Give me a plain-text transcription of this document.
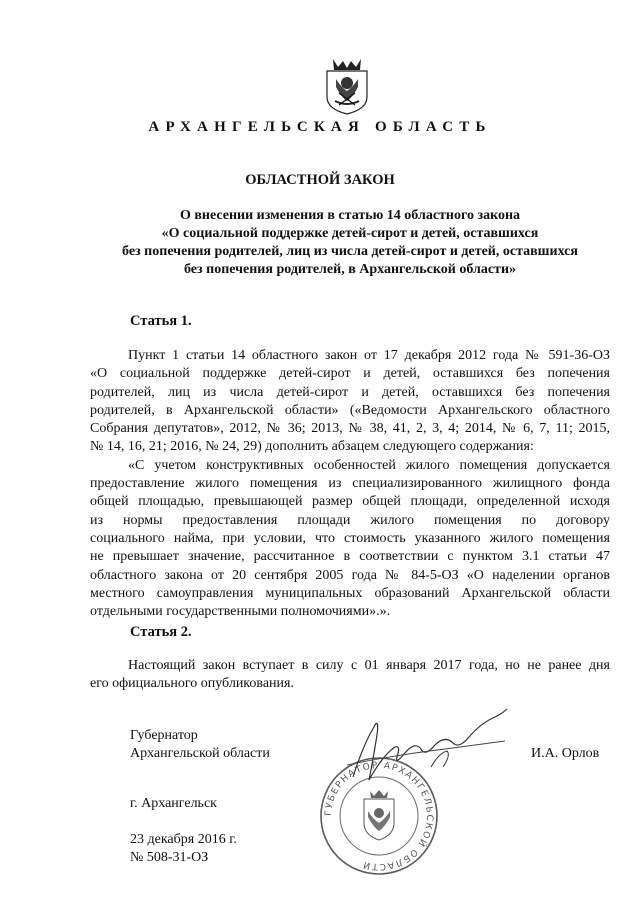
АРХАНГЕЛЬСКАЯ ОБЛАСТЬ
ОБЛАСТНОЙ ЗАКОН
О внесении изменения в статью 14 областного закона
«О социальной поддержке детей-сирот и детей, оставшихся
без попечения родителей, лиц из числа детей-сирот и детей, оставшихся
без попечения родителей, в Архангельской области»
Статья 1.
Пункт 1 статьи 14 областного закон от 17 декабря 2012 года № 591-36-ОЗ
«О социальной поддержке детей-сирот и детей, оставшихся без попечения
родителей, лиц из числа детей-сирот и детей, оставшихся без попечения
родителей, в Архангельской области» («Ведомости Архангельского областного
Собрания депутатов», 2012, № 36; 2013, № 38, 41, 2, 3, 4; 2014, № 6, 7, 11; 2015,
№ 14, 16, 21; 2016, № 24, 29) дополнить абзацем следующего содержания:
«С учетом конструктивных особенностей жилого помещения допускается
предоставление жилого помещения из специализированного жилищного фонда
общей площадью, превышающей размер общей площади, определенной исходя
из нормы предоставления площади жилого помещения по договору
социального найма, при условии, что стоимость указанного жилого помещения
не превышает значение, рассчитанное в соответствии с пунктом 3.1 статьи 47
областного закона от 20 сентября 2005 года № 84-5-ОЗ «О наделении органов
местного самоуправления муниципальных образований Архангельской области
отдельными государственными полномочиями».».
Статья 2.
Настоящий закон вступает в силу с 01 января 2017 года, но не ранее дня
его официального опубликования.
ГУБЕРНАТОР АРХАНГЕЛЬСКОЙ ОБЛАСТИ
Губернатор
Архангельской области	И.А. Орлов
г. Архангельск
23 декабря 2016 г.
№ 508-31-ОЗ
